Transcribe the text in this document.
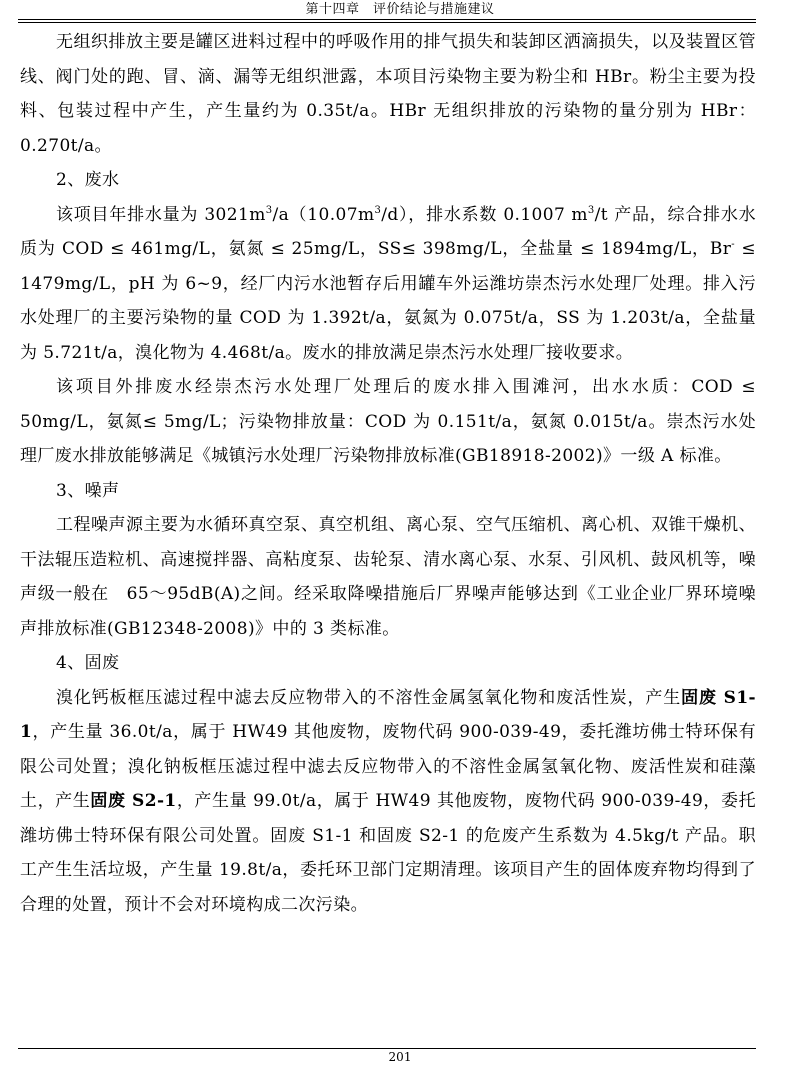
第十四章　评价结论与措施建议

无组织排放主要是罐区进料过程中的呼吸作用的排气损失和装卸区洒滴损失，以及装置区管线、阀门处的跑、冒、滴、漏等无组织泄露，本项目污染物主要为粉尘和 HBr。粉尘主要为投料、包装过程中产生，产生量约为 0.35t/a。HBr 无组织排放的污染物的量分别为 HBr：0.270t/a。

2、废水

该项目年排水量为 $3021m^3/a(10.07m^3/d)$，排水系数 0.1007 $m^3/t$ 产品，综合排水水质为 COD ≤ 461mg/L，氨氮 ≤ 25mg/L，SS≤ 398mg/L，全盐量 ≤ 1894mg/L，Br- ≤ 1479mg/L，pH 为 6~9，经厂内污水池暂存后用罐车外运潍坊崇杰污水处理厂处理。排入污水处理厂的主要污染物的量 COD 为 1.392t/a，氨氮为 0.075t/a，SS 为 1.203t/a，全盐量为 5.721t/a，溴化物为 4.468t/a。废水的排放满足崇杰污水处理厂接收要求。

该项目外排废水经崇杰污水处理厂处理后的废水排入围滩河，出水水质：COD ≤ 50mg/L，氨氮≤ 5mg/L；污染物排放量：COD 为 0.151t/a，氨氮 0.015t/a。崇杰污水处理厂废水排放能够满足《城镇污水处理厂污染物排放标准(GB18918-2002)》一级 A 标准。

3、噪声

工程噪声源主要为水循环真空泵、真空机组、离心泵、空气压缩机、离心机、双锥干燥机、干法辊压造粒机、高速搅拌器、高粘度泵、齿轮泵、清水离心泵、水泵、引风机、鼓风机等，噪声级一般在　65～95dB(A)之间。经采取降噪措施后厂界噪声能够达到《工业企业厂界环境噪声排放标准(GB12348-2008)》中的 3 类标准。

4、固废

溴化钙板框压滤过程中滤去反应物带入的不溶性金属氢氧化物和废活性炭，产生固废 S1-1，产生量 36.0t/a，属于 HW49 其他废物，废物代码 900-039-49，委托潍坊佛士特环保有限公司处置；溴化钠板框压滤过程中滤去反应物带入的不溶性金属氢氧化物、废活性炭和硅藻土，产生固废 S2-1，产生量 99.0t/a，属于 HW49 其他废物，废物代码 900-039-49，委托潍坊佛士特环保有限公司处置。固废 S1-1 和固废 S2-1 的危废产生系数为 4.5kg/t 产品。职工产生生活垃圾，产生量 19.8t/a，委托环卫部门定期清理。该项目产生的固体废弃物均得到了合理的处置，预计不会对环境构成二次污染。

201
